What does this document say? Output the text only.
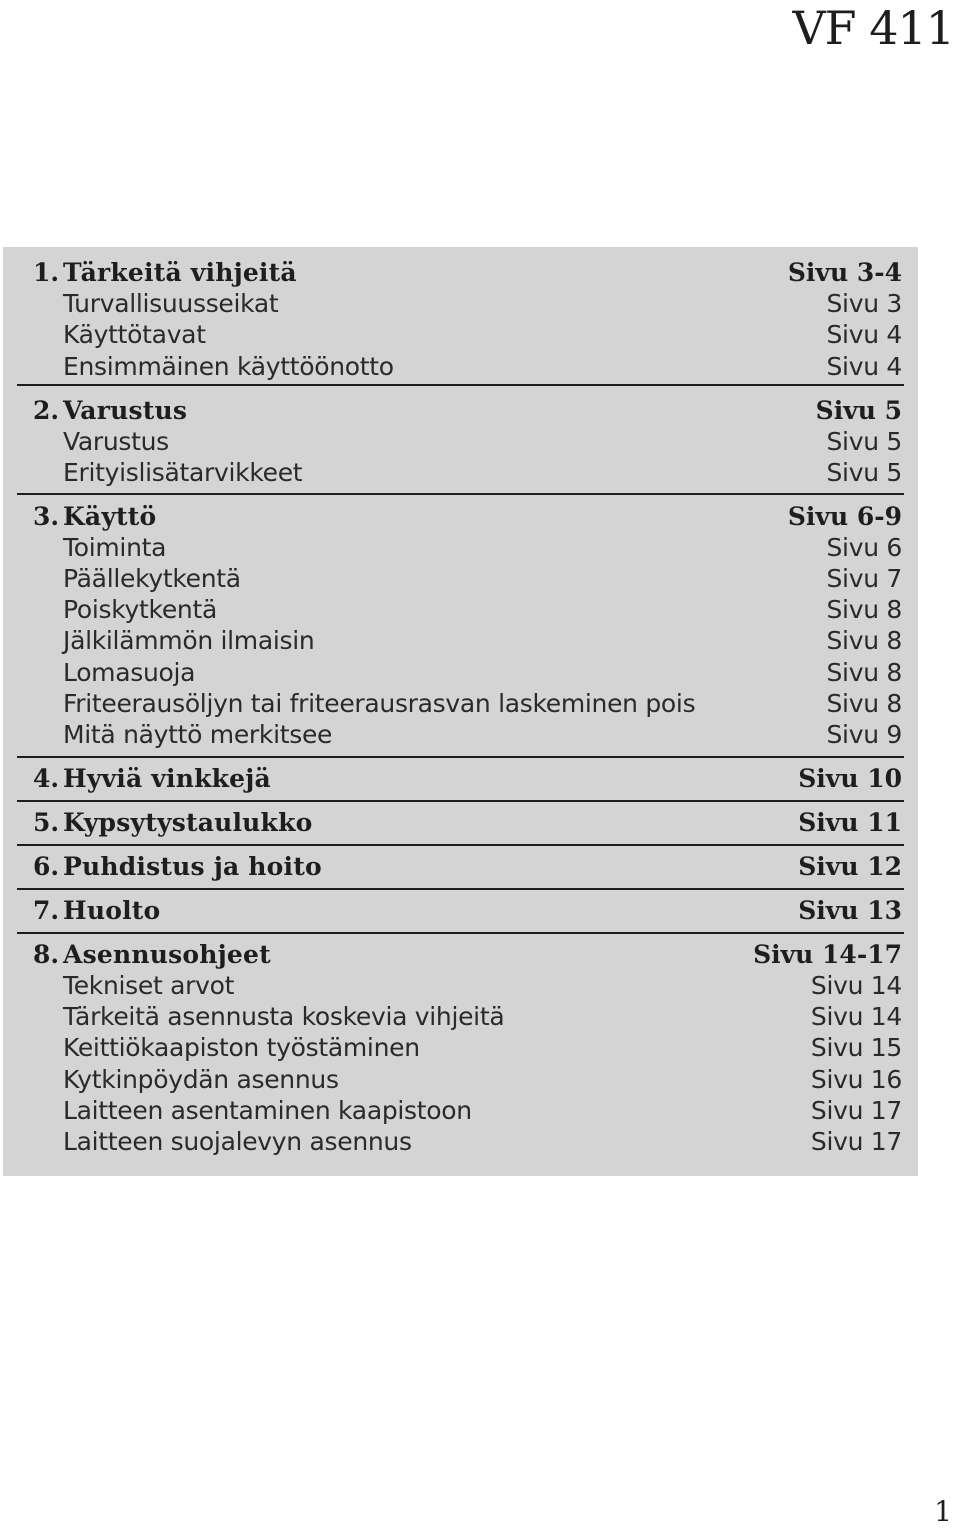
VF 411
1. Tärkeitä vihjeitä	Sivu 3-4
Turvallisuusseikat	Sivu 3
Käyttötavat	Sivu 4
Ensimmäinen käyttöönotto	Sivu 4
2. Varustus	Sivu 5
Varustus	Sivu 5
Erityislisätarvikkeet	Sivu 5
3. Käyttö	Sivu 6-9
Toiminta	Sivu 6
Päällekytkentä	Sivu 7
Poiskytkentä	Sivu 8
Jälkilämmön ilmaisin	Sivu 8
Lomasuoja	Sivu 8
Friteerausöljyn tai friteerausrasvan laskeminen pois	Sivu 8
Mitä näyttö merkitsee	Sivu 9
4. Hyviä vinkkejä	Sivu 10
5. Kypsytystaulukko	Sivu 11
6. Puhdistus ja hoito	Sivu 12
7. Huolto	Sivu 13
8. Asennusohjeet	Sivu 14-17
Tekniset arvot	Sivu 14
Tärkeitä asennusta koskevia vihjeitä	Sivu 14
Keittiökaapiston työstäminen	Sivu 15
Kytkinpöydän asennus	Sivu 16
Laitteen asentaminen kaapistoon	Sivu 17
Laitteen suojalevyn asennus	Sivu 17
1
